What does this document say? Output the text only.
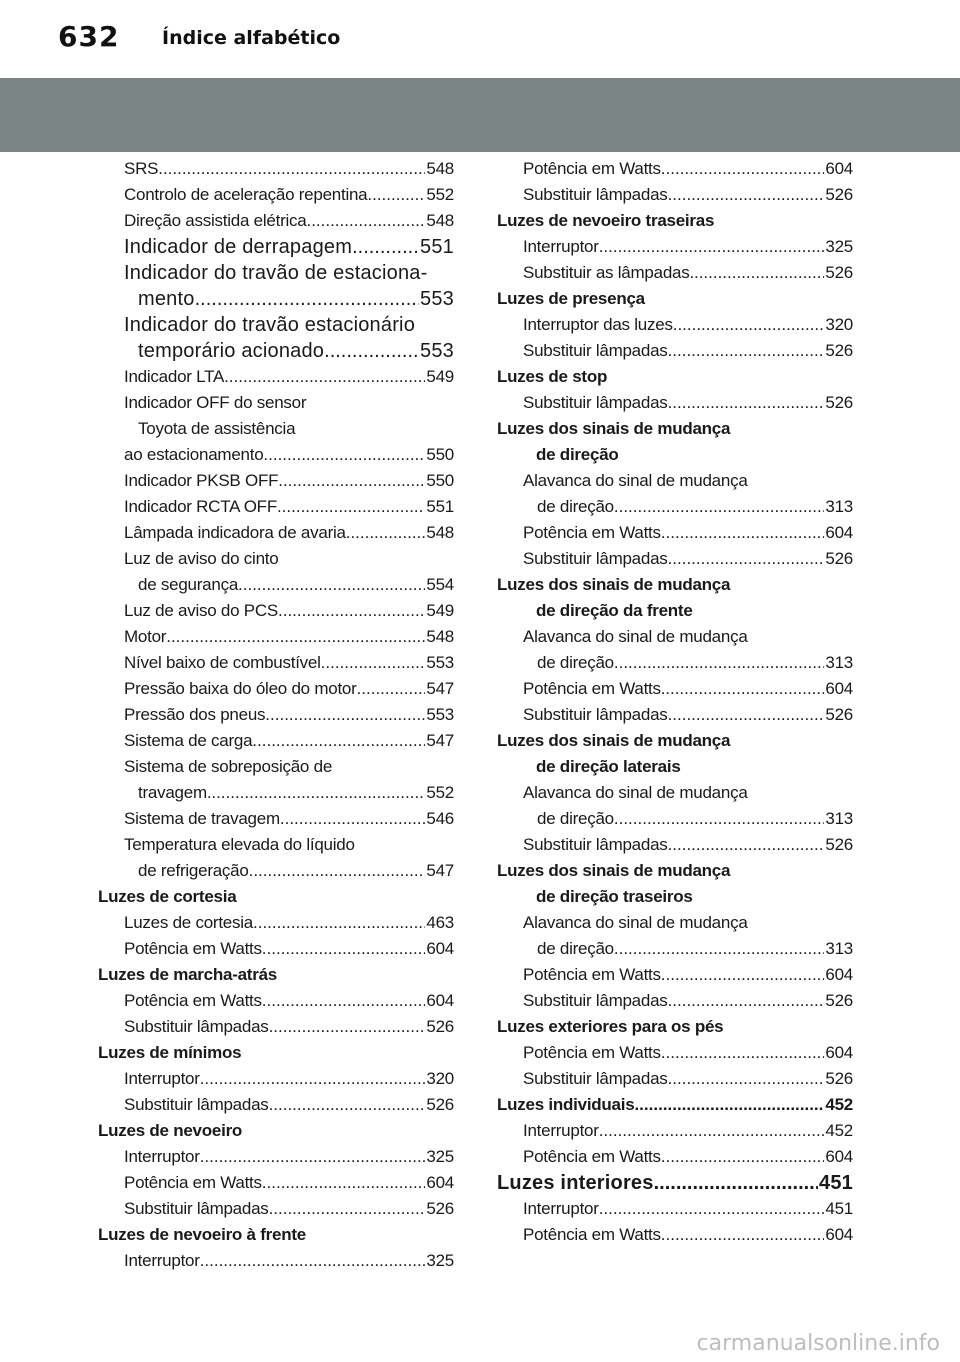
632 Índice alfabético
SRS .....	548
Controlo de aceleração repentina .....	552
Direção assistida elétrica .....	548
Indicador de derrapagem .....	551
Indicador do travão de estaciona-
mento .....	553
Indicador do travão estacionário
temporário acionado .....	553
Indicador LTA .....	549
Indicador OFF do sensor
Toyota de assistência
ao estacionamento .....	550
Indicador PKSB OFF .....	550
Indicador RCTA OFF .....	551
Lâmpada indicadora de avaria .....	548
Luz de aviso do cinto
de segurança .....	554
Luz de aviso do PCS .....	549
Motor .....	548
Nível baixo de combustível .....	553
Pressão baixa do óleo do motor .....	547
Pressão dos pneus .....	553
Sistema de carga .....	547
Sistema de sobreposição de
travagem. .....	552
Sistema de travagem .....	546
Temperatura elevada do líquido
de refrigeração .....	547
Luzes de cortesia
Luzes de cortesia .....	463
Potência em Watts .....	604
Luzes de marcha-atrás
Potência em Watts .....	604
Substituir lâmpadas .....	526
Luzes de mínimos
Interruptor .....	320
Substituir lâmpadas .....	526
Luzes de nevoeiro
Interruptor .....	325
Potência em Watts .....	604
Substituir lâmpadas .....	526
Luzes de nevoeiro à frente
Interruptor .....	325
Potência em Watts .....	604
Substituir lâmpadas .....	526
Luzes de nevoeiro traseiras
Interruptor .....	325
Substituir as lâmpadas. .....	526
Luzes de presença
Interruptor das luzes .....	320
Substituir lâmpadas .....	526
Luzes de stop
Substituir lâmpadas .....	526
Luzes dos sinais de mudança
de direção
Alavanca do sinal de mudança
de direção .....	313
Potência em Watts .....	604
Substituir lâmpadas .....	526
Luzes dos sinais de mudança
de direção da frente
Alavanca do sinal de mudança
de direção .....	313
Potência em Watts. .....	604
Substituir lâmpadas .....	526
Luzes dos sinais de mudança
de direção laterais
Alavanca do sinal de mudança
de direção .....	313
Substituir lâmpadas .....	526
Luzes dos sinais de mudança
de direção traseiros
Alavanca do sinal de mudança
de direção .....	313
Potência em Watts .....	604
Substituir lâmpadas .....	526
Luzes exteriores para os pés
Potência em Watts .....	604
Substituir lâmpadas .....	526
Luzes individuais .....	452
Interruptor .....	452
Potência em Watts .....	604
Luzes interiores .....	451
Interruptor .....	451
Potência em Watts .....	604
carmanualsonline.info
